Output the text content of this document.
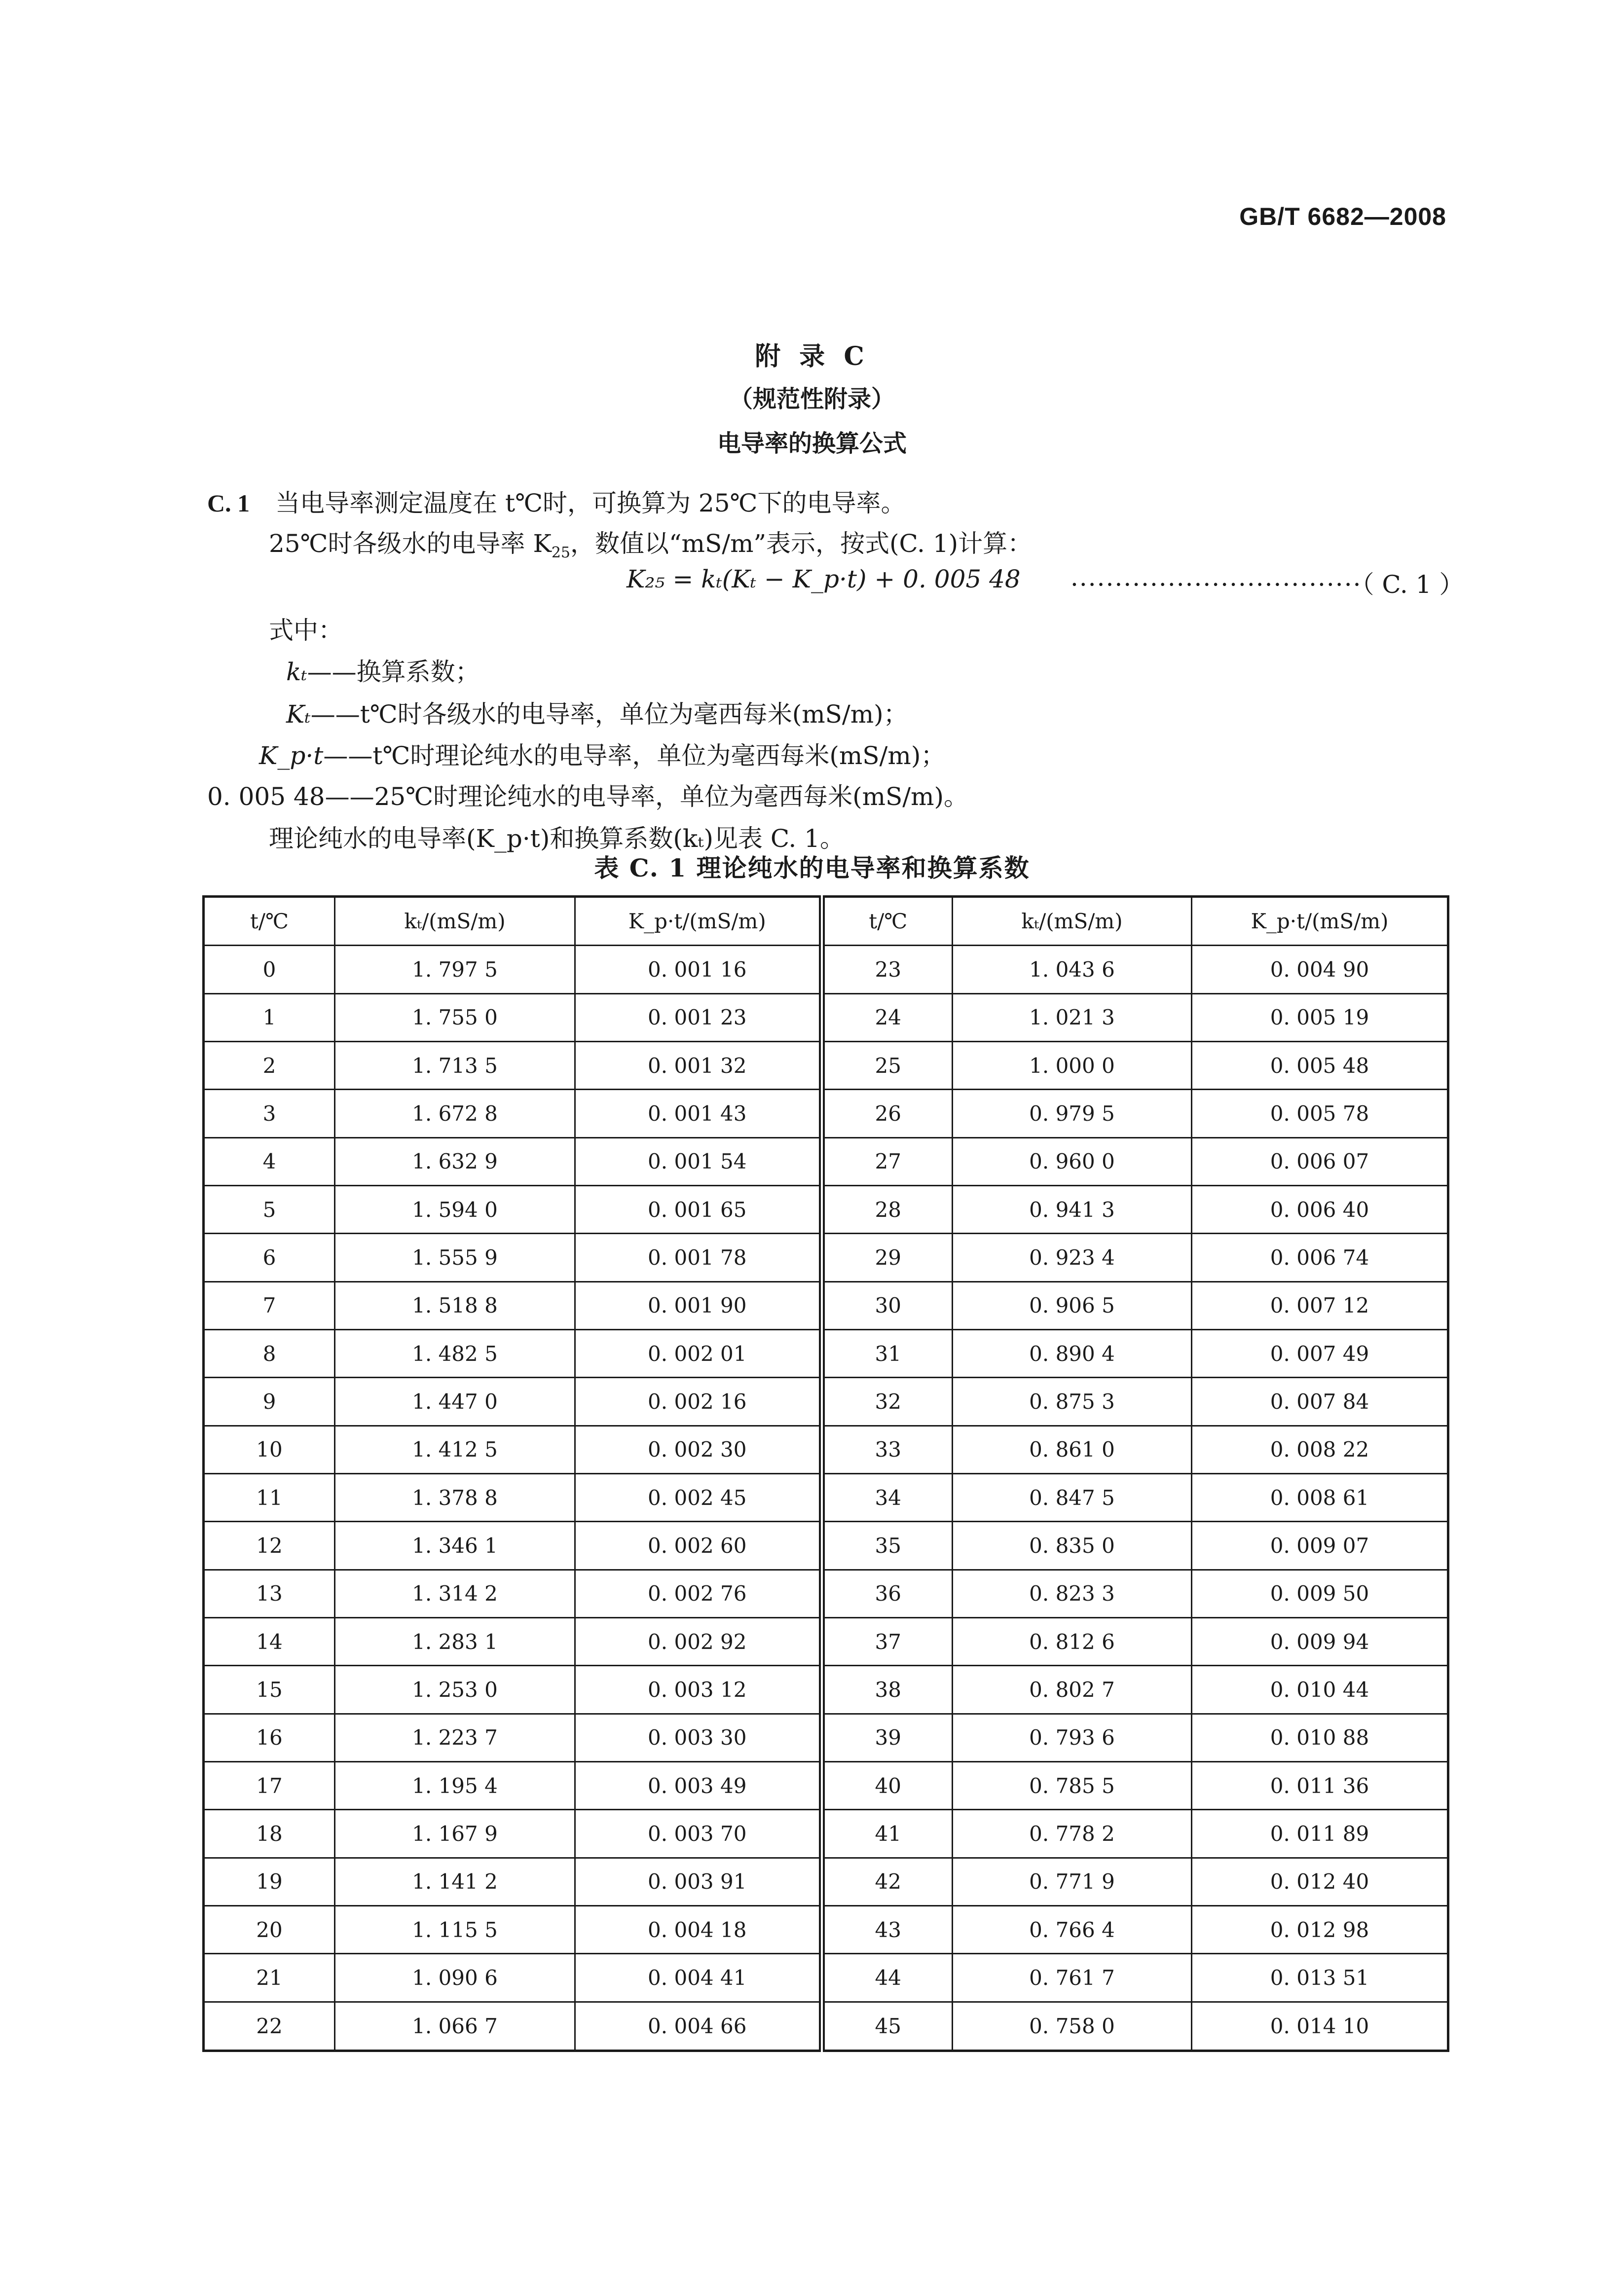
GB/T 6682—2008
附 录 C
（规范性附录）
电导率的换算公式
C. 1 当电导率测定温度在 t℃时，可换算为 25℃下的电导率。
25℃时各级水的电导率 $K_{25}$，数值以“mS/m”表示，按式(C. 1)计算：
K₂₅ = kₜ(Kₜ − K_p·t) + 0. 005 48 ·································（ C. 1 ）
式中：
kₜ——换算系数；
Kₜ——t℃时各级水的电导率，单位为毫西每米(mS/m)；
K_p·t——t℃时理论纯水的电导率，单位为毫西每米(mS/m)；
0. 005 48——25℃时理论纯水的电导率，单位为毫西每米(mS/m)。
理论纯水的电导率(K_p·t)和换算系数(kₜ)见表 C. 1。
表 C. 1 理论纯水的电导率和换算系数
t/℃	kₜ/(mS/m)	K_p·t/(mS/m)	t/℃	kₜ/(mS/m)	K_p·t/(mS/m)
0	1. 797 5	0. 001 16	23	1. 043 6	0. 004 90
1	1. 755 0	0. 001 23	24	1. 021 3	0. 005 19
2	1. 713 5	0. 001 32	25	1. 000 0	0. 005 48
3	1. 672 8	0. 001 43	26	0. 979 5	0. 005 78
4	1. 632 9	0. 001 54	27	0. 960 0	0. 006 07
5	1. 594 0	0. 001 65	28	0. 941 3	0. 006 40
6	1. 555 9	0. 001 78	29	0. 923 4	0. 006 74
7	1. 518 8	0. 001 90	30	0. 906 5	0. 007 12
8	1. 482 5	0. 002 01	31	0. 890 4	0. 007 49
9	1. 447 0	0. 002 16	32	0. 875 3	0. 007 84
10	1. 412 5	0. 002 30	33	0. 861 0	0. 008 22
11	1. 378 8	0. 002 45	34	0. 847 5	0. 008 61
12	1. 346 1	0. 002 60	35	0. 835 0	0. 009 07
13	1. 314 2	0. 002 76	36	0. 823 3	0. 009 50
14	1. 283 1	0. 002 92	37	0. 812 6	0. 009 94
15	1. 253 0	0. 003 12	38	0. 802 7	0. 010 44
16	1. 223 7	0. 003 30	39	0. 793 6	0. 010 88
17	1. 195 4	0. 003 49	40	0. 785 5	0. 011 36
18	1. 167 9	0. 003 70	41	0. 778 2	0. 011 89
19	1. 141 2	0. 003 91	42	0. 771 9	0. 012 40
20	1. 115 5	0. 004 18	43	0. 766 4	0. 012 98
21	1. 090 6	0. 004 41	44	0. 761 7	0. 013 51
22	1. 066 7	0. 004 66	45	0. 758 0	0. 014 10
